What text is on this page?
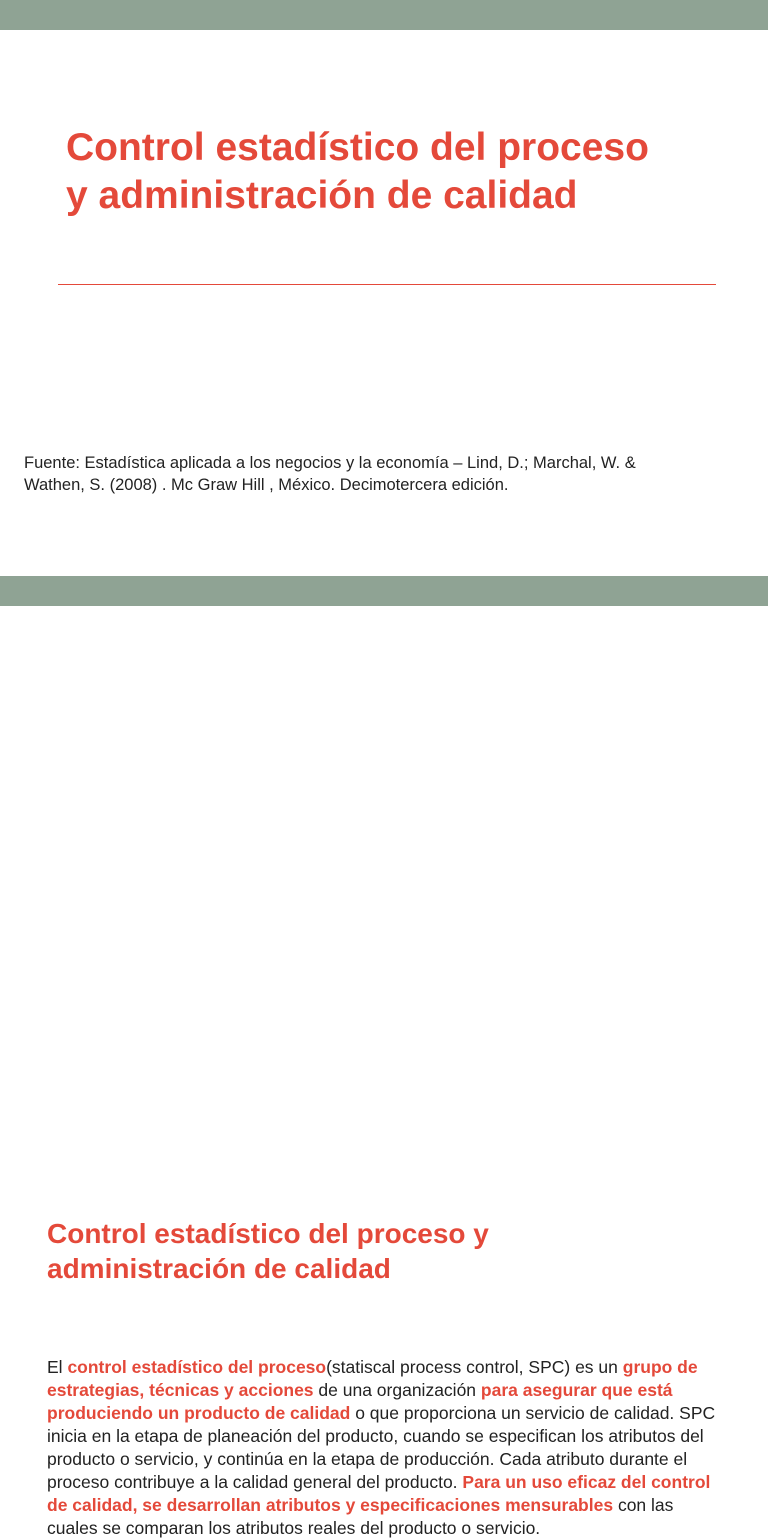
Control estadístico del proceso
y administración de calidad

Fuente: Estadística aplicada a los negocios y la economía – Lind, D.; Marchal, W. &
Wathen, S. (2008) . Mc Graw Hill , México. Decimotercera edición.

Control estadístico del proceso y
administración de calidad

El control estadístico del proceso(statiscal process control, SPC) es un grupo de estrategias, técnicas y acciones de una organización para asegurar que está produciendo un producto de calidad o que proporciona un servicio de calidad. SPC inicia en la etapa de planeación del producto, cuando se especifican los atributos del producto o servicio, y continúa en la etapa de producción. Cada atributo durante el proceso contribuye a la calidad general del producto. Para un uso eficaz del control de calidad, se desarrollan atributos y especificaciones mensurables con las cuales se comparan los atributos reales del producto o servicio.
